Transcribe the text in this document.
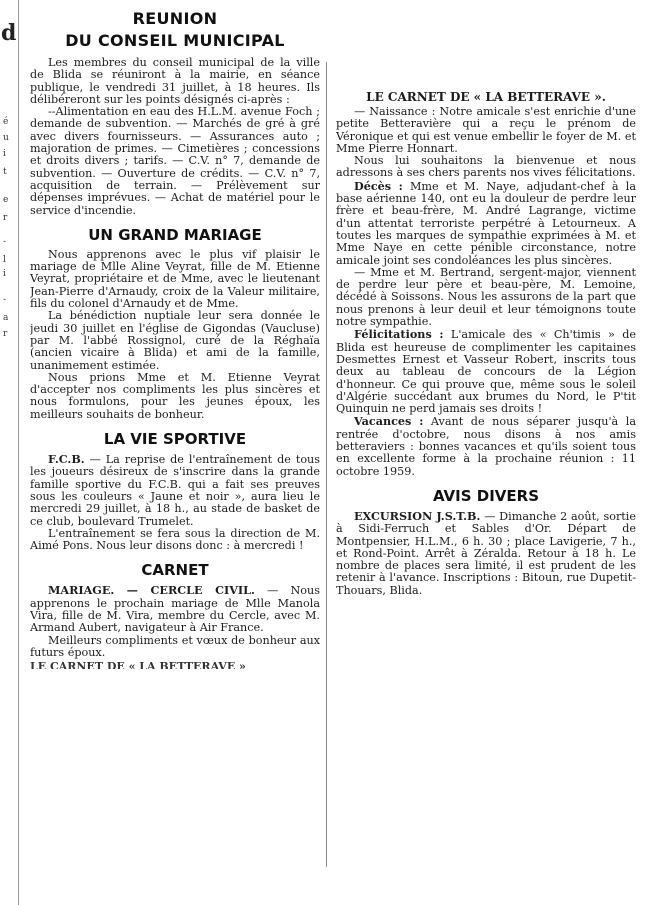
d
é
u
i
t
e
r
-
l
i
-
a
r
REUNION
DU CONSEIL MUNICIPAL

Les membres du conseil municipal de la ville de Blida se réuniront à la mairie, en séance publique, le vendredi 31 juillet, à 18 heures. Ils délibéreront sur les points désignés ci-après :

--Alimentation en eau des H.L.M. avenue Foch ; demande de subvention. — Marchés de gré à gré avec divers fournisseurs. — Assurances auto ; majoration de primes. — Cimetières ; concessions et droits divers ; tarifs. — C.V. n° 7, demande de subvention. — Ouverture de crédits. — C.V. n° 7, acquisition de terrain. — Prélèvement sur dépenses imprévues. — Achat de matériel pour le service d'incendie.

UN GRAND MARIAGE

Nous apprenons avec le plus vif plaisir le mariage de Mlle Aline Veyrat, fille de M. Etienne Veyrat, propriétaire et de Mme, avec le lieutenant Jean-Pierre d'Arnaudy, croix de la Valeur militaire, fils du colonel d'Arnaudy et de Mme.

La bénédiction nuptiale leur sera donnée le jeudi 30 juillet en l'église de Gigondas (Vaucluse) par M. l'abbé Rossignol, curé de la Réghaïa (ancien vicaire à Blida) et ami de la famille, unanimement estimée.

Nous prions Mme et M. Etienne Veyrat d'accepter nos compliments les plus sincères et nous formulons, pour les jeunes époux, les meilleurs souhaits de bonheur.

LA VIE SPORTIVE

F.C.B. — La reprise de l'entraînement de tous les joueurs désireux de s'inscrire dans la grande famille sportive du F.C.B. qui a fait ses preuves sous les couleurs « Jaune et noir », aura lieu le mercredi 29 juillet, à 18 h., au stade de basket de ce club, boulevard Trumelet.

L'entraînement se fera sous la direction de M. Aimé Pons. Nous leur disons donc : à mercredi !

CARNET

MARIAGE. — CERCLE CIVIL. — Nous apprenons le prochain mariage de Mlle Manola Vira, fille de M. Vira, membre du Cercle, avec M. Armand Aubert, navigateur à Air France.

Meilleurs compliments et vœux de bonheur aux futurs époux.

LE CARNET DE « LA BETTERAVE »
LE CARNET DE « LA BETTERAVE ».

— Naissance : Notre amicale s'est enrichie d'une petite Betteravière qui a reçu le prénom de Véronique et qui est venue embellir le foyer de M. et Mme Pierre Honnart.

Nous lui souhaitons la bienvenue et nous adressons à ses chers parents nos vives félicitations.

Décès : Mme et M. Naye, adjudant-chef à la base aérienne 140, ont eu la douleur de perdre leur frère et beau-frère, M. André Lagrange, victime d'un attentat terroriste perpétré à Letourneux. A toutes les marques de sympathie exprimées à M. et Mme Naye en cette pénible circonstance, notre amicale joint ses condoléances les plus sincères.

— Mme et M. Bertrand, sergent-major, viennent de perdre leur père et beau-père, M. Lemoine, décédé à Soissons. Nous les assurons de la part que nous prenons à leur deuil et leur témoignons toute notre sympathie.

Félicitations : L'amicale des « Ch'timis » de Blida est heureuse de complimenter les capitaines Desmettes Ernest et Vasseur Robert, inscrits tous deux au tableau de concours de la Légion d'honneur. Ce qui prouve que, même sous le soleil d'Algérie succédant aux brumes du Nord, le P'tit Quinquin ne perd jamais ses droits !

Vacances : Avant de nous séparer jusqu'à la rentrée d'octobre, nous disons à nos amis betteraviers : bonnes vacances et qu'ils soient tous en excellente forme à la prochaine réunion : 11 octobre 1959.

AVIS DIVERS

EXCURSION J.S.T.B. — Dimanche 2 août, sortie à Sidi-Ferruch et Sables d'Or. Départ de Montpensier, H.L.M., 6 h. 30 ; place Lavigerie, 7 h., et Rond-Point. Arrêt à Zéralda. Retour à 18 h. Le nombre de places sera limité, il est prudent de les retenir à l'avance. Inscriptions : Bitoun, rue Dupetit-Thouars, Blida.
